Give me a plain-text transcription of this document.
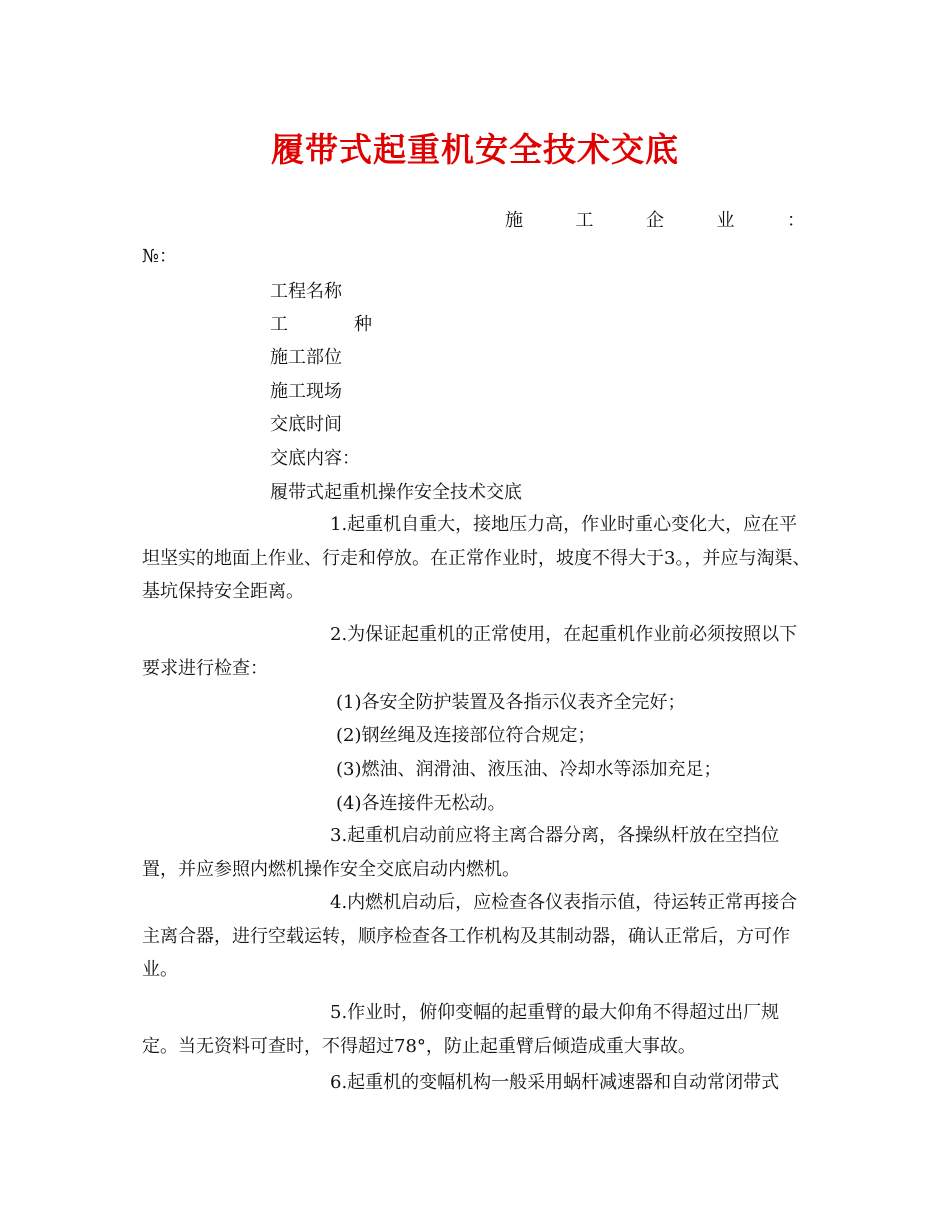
履带式起重机安全技术交底
施	工	企	业	：
№：
工程名称
工	种
施工部位
施工现场
交底时间
交底内容：
履带式起重机操作安全技术交底
1.起重机自重大，接地压力高，作业时重心变化大，应在平坦坚实的地面上作业、行走和停放。在正常作业时，坡度不得大于3。，并应与淘渠、基坑保持安全距离。
2.为保证起重机的正常使用，在起重机作业前必须按照以下要求进行检查：
(1)各安全防护装置及各指示仪表齐全完好；
(2)钢丝绳及连接部位符合规定；
(3)燃油、润滑油、液压油、冷却水等添加充足；
(4)各连接件无松动。
3.起重机启动前应将主离合器分离，各操纵杆放在空挡位置，并应参照内燃机操作安全交底启动内燃机。
4.内燃机启动后，应检查各仪表指示值，待运转正常再接合主离合器，进行空载运转，顺序检查各工作机构及其制动器，确认正常后，方可作业。
5.作业时，俯仰变幅的起重臂的最大仰角不得超过出厂规定。当无资料可查时，不得超过78°，防止起重臂后倾造成重大事故。
6.起重机的变幅机构一般采用蜗杆减速器和自动常闭带式
